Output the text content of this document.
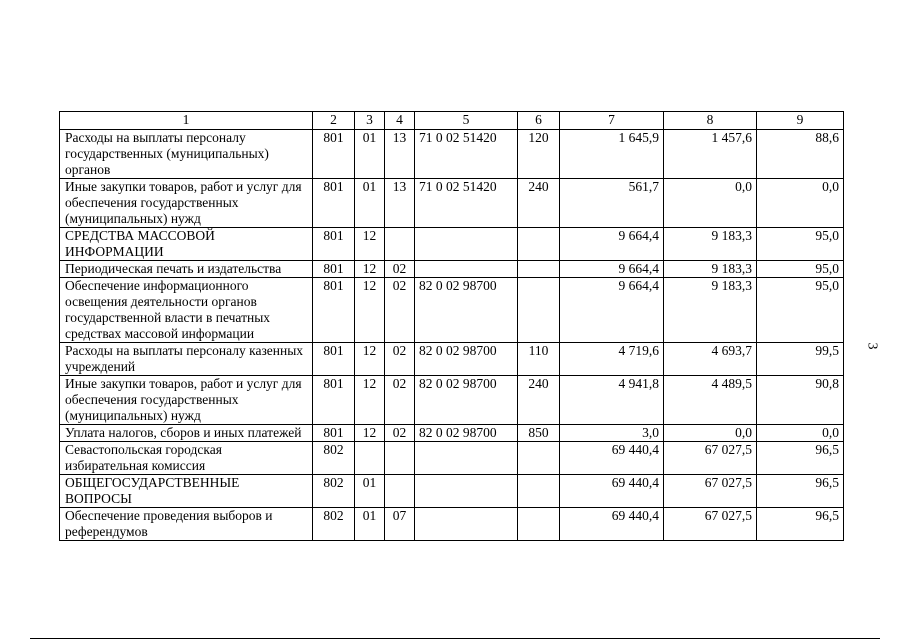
1	2	3	4	5	6	7	8	9
Расходы на выплаты персоналу государственных (муниципальных) органов	801	01	13	71 0 02 51420	120	1 645,9	1 457,6	88,6
Иные закупки товаров, работ и услуг для обеспечения государственных (муниципальных) нужд	801	01	13	71 0 02 51420	240	561,7	0,0	0,0
СРЕДСТВА МАССОВОЙ ИНФОРМАЦИИ	801	12				9 664,4	9 183,3	95,0
Периодическая печать и издательства	801	12	02			9 664,4	9 183,3	95,0
Обеспечение информационного освещения деятельности органов государственной власти в печатных средствах массовой информации	801	12	02	82 0 02 98700		9 664,4	9 183,3	95,0
Расходы на выплаты персоналу казенных учреждений	801	12	02	82 0 02 98700	110	4 719,6	4 693,7	99,5
Иные закупки товаров, работ и услуг для обеспечения государственных (муниципальных) нужд	801	12	02	82 0 02 98700	240	4 941,8	4 489,5	90,8
Уплата налогов, сборов и иных платежей	801	12	02	82 0 02 98700	850	3,0	0,0	0,0
Севастопольская городская избирательная комиссия	802					69 440,4	67 027,5	96,5
ОБЩЕГОСУДАРСТВЕННЫЕ ВОПРОСЫ	802	01				69 440,4	67 027,5	96,5
Обеспечение проведения выборов и референдумов	802	01	07			69 440,4	67 027,5	96,5
3
